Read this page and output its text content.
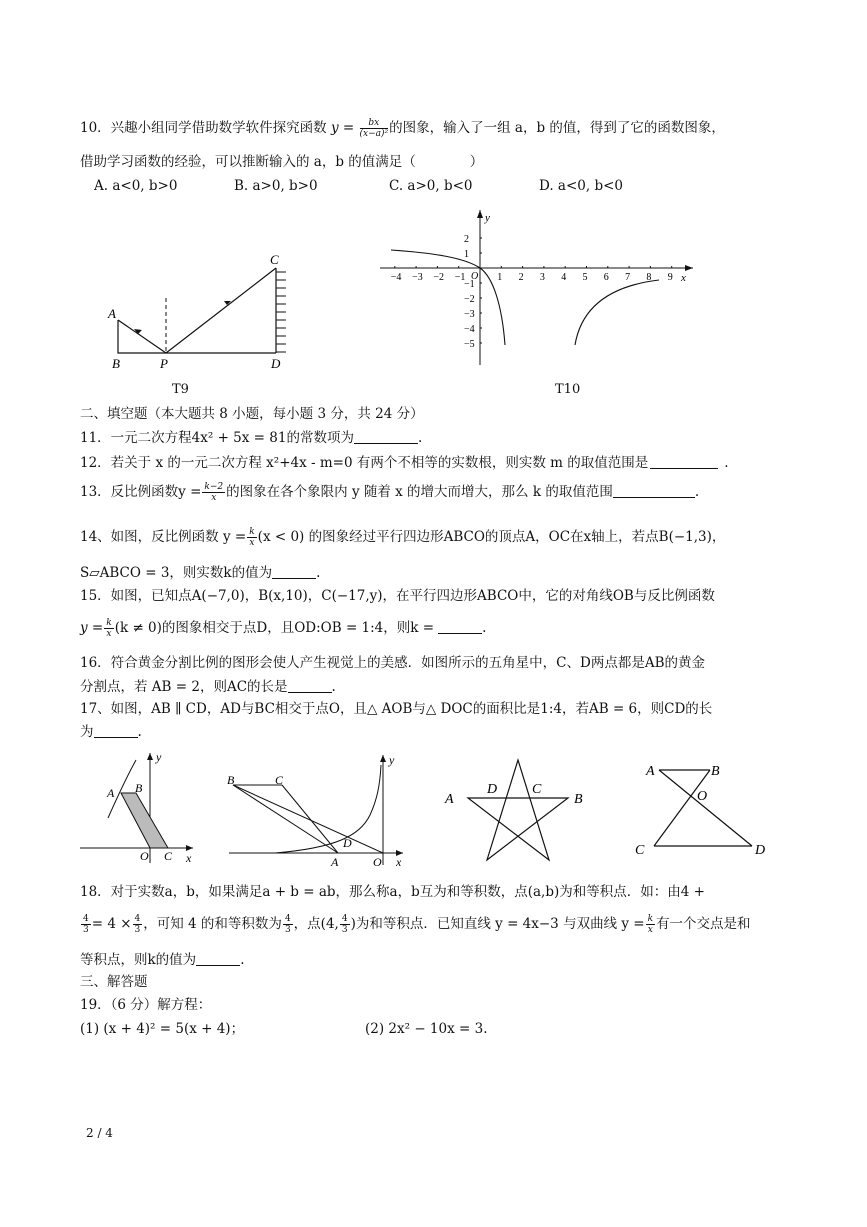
10．兴趣小组同学借助数学软件探究函数 $y = \frac{bx}{\text{(x−a)²}}$ 的图象，输入了一组 a，b 的值，得到了它的函数图象，
借助学习函数的经验，可以推断输入的 a，b 的值满足（　　　　）
A. a<0, b>0	B. a>0, b>0	C. a>0, b<0	D. a<0, b<0
A
B	P
C
D
T9
−4 −3 −2 −1	1 2 3 4 5 6 7 8 9
2
1
−1
−2
−3
−4
−5
y
x
O
T10
二、填空题（本大题共 8 小题，每小题 3 分，共 24 分）
11．一元二次方程4x² + 5x = 81的常数项为	.
12．若关于 x 的一元二次方程 x²+4x - m=0 有两个不相等的实数根，则实数 m 的取值范围是	.
13．反比例函数$y = \frac{k-2}{x}$ 的图象在各个象限内 y 随着 x 的增大而增大，那么 k 的取值范围	.
14、如图，反比例函数 $y = \frac{k}{x} (x < 0)$ 的图象经过平行四边形ABCO的顶点A，OC在x轴上，若点B(−1,3)，
S▱ABCO = 3，则实数k的值为	.
15．如图，已知点A(−7,0)，B(x,10)，C(−17,y)，在平行四边形ABCO中，它的对角线OB与反比例函数
$y = \frac{k}{x} (k \ne 0)$的图象相交于点D，且OD:OB = 1:4，则k =	.
16．符合黄金分割比例的图形会使人产生视觉上的美感．如图所示的五角星中，C、D两点都是AB的黄金
分割点，若 AB = 2，则AC的长是	.
17、如图，AB ∥ CD，AD与BC相交于点O，且△ AOB与△ DOC的面积比是1:4，若AB = 6，则CD的长
为	.
y
x
A B
O C
y
x
B	C
D
A	O
A
D C
B
A	B
O
C	D
18．对于实数a，b，如果满足a + b = ab，那么称a，b互为和等积数，点(a,b)为和等积点．如：由4 +
$\frac{4}{3} = 4 \times \frac{4}{3}$ ，可知 4 的和等积数为 $\frac{4}{3}$ ，点(4, $\frac{4}{3}$ )为和等积点．已知直线 y = 4x−3 与双曲线 $y = \frac{k}{x}$ 有一个交点是和
等积点，则k的值为	.
三、解答题
19．（6 分）解方程：
(1) (x + 4)² = 5(x + 4)；	(2) 2x² − 10x = 3.
2 / 4
